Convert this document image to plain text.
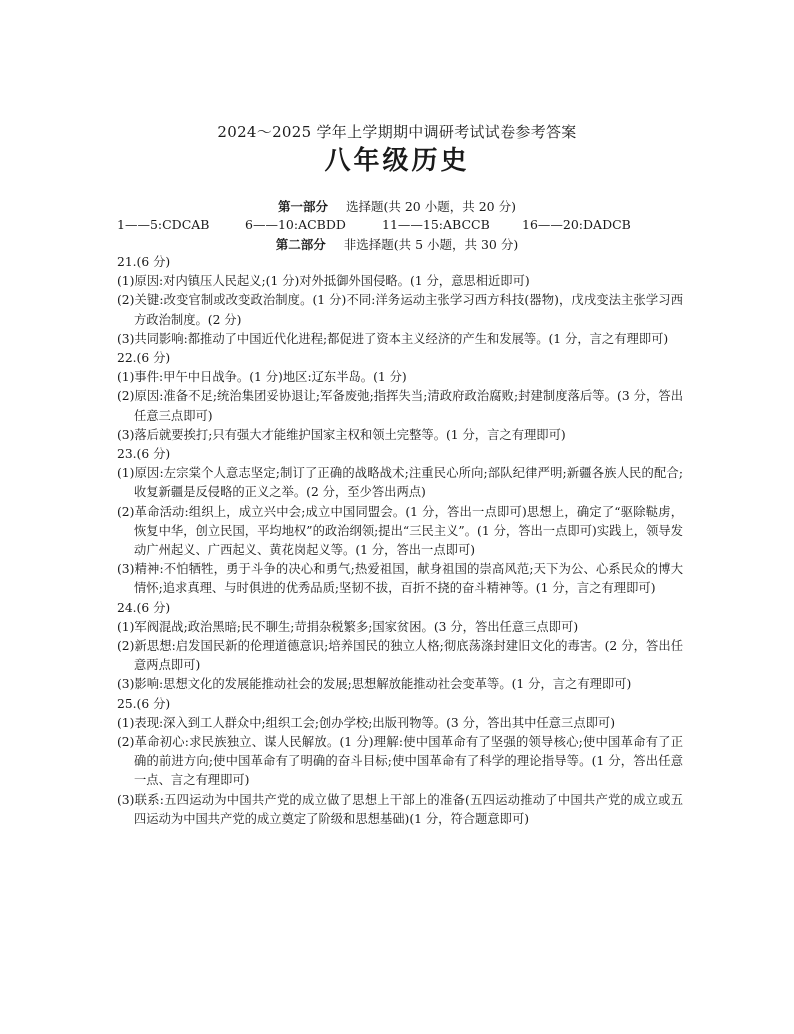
2024～2025 学年上学期期中调研考试试卷参考答案
八年级历史
第一部分 选择题(共 20 小题，共 20 分)
1——5:CDCAB	6——10:ACBDD	11——15:ABCCB	16——20:DADCB
第二部分 非选择题(共 5 小题，共 30 分)
21.(6 分)
(1)原因:对内镇压人民起义;(1 分)对外抵御外国侵略。(1 分，意思相近即可)
(2)关键:改变官制或改变政治制度。(1 分)不同:洋务运动主张学习西方科技(器物)，戊戌变法主张学习西方政治制度。(2 分)
(3)共同影响:都推动了中国近代化进程;都促进了资本主义经济的产生和发展等。(1 分，言之有理即可)
22.(6 分)
(1)事件:甲午中日战争。(1 分)地区:辽东半岛。(1 分)
(2)原因:准备不足;统治集团妥协退让;军备废弛;指挥失当;清政府政治腐败;封建制度落后等。(3 分，答出任意三点即可)
(3)落后就要挨打;只有强大才能维护国家主权和领土完整等。(1 分，言之有理即可)
23.(6 分)
(1)原因:左宗棠个人意志坚定;制订了正确的战略战术;注重民心所向;部队纪律严明;新疆各族人民的配合;收复新疆是反侵略的正义之举。(2 分，至少答出两点)
(2)革命活动:组织上，成立兴中会;成立中国同盟会。(1 分，答出一点即可)思想上，确定了“驱除鞑虏，恢复中华，创立民国，平均地权”的政治纲领;提出“三民主义”。(1 分，答出一点即可)实践上，领导发动广州起义、广西起义、黄花岗起义等。(1 分，答出一点即可)
(3)精神:不怕牺牲，勇于斗争的决心和勇气;热爱祖国，献身祖国的崇高风范;天下为公、心系民众的博大情怀;追求真理、与时俱进的优秀品质;坚韧不拔，百折不挠的奋斗精神等。(1 分，言之有理即可)
24.(6 分)
(1)军阀混战;政治黑暗;民不聊生;苛捐杂税繁多;国家贫困。(3 分，答出任意三点即可)
(2)新思想:启发国民新的伦理道德意识;培养国民的独立人格;彻底荡涤封建旧文化的毒害。(2 分，答出任意两点即可)
(3)影响:思想文化的发展能推动社会的发展;思想解放能推动社会变革等。(1 分，言之有理即可)
25.(6 分)
(1)表现:深入到工人群众中;组织工会;创办学校;出版刊物等。(3 分，答出其中任意三点即可)
(2)革命初心:求民族独立、谋人民解放。(1 分)理解:使中国革命有了坚强的领导核心;使中国革命有了正确的前进方向;使中国革命有了明确的奋斗目标;使中国革命有了科学的理论指导等。(1 分，答出任意一点、言之有理即可)
(3)联系:五四运动为中国共产党的成立做了思想上干部上的准备(五四运动推动了中国共产党的成立或五四运动为中国共产党的成立奠定了阶级和思想基础)(1 分，符合题意即可)
